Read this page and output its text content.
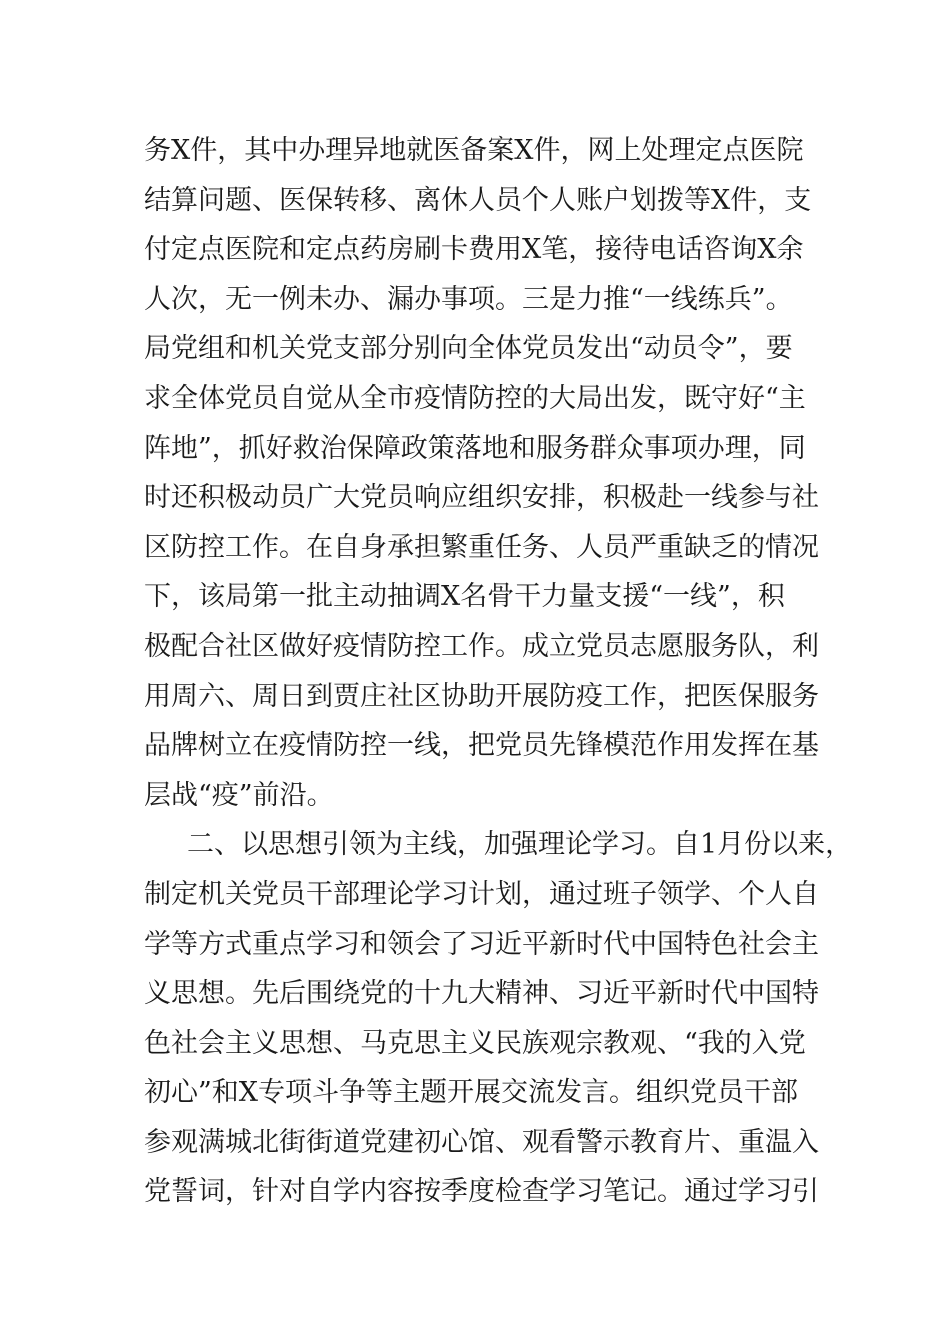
务X件，其中办理异地就医备案X件，网上处理定点医院
结算问题、医保转移、离休人员个人账户划拨等X件，支
付定点医院和定点药房刷卡费用X笔，接待电话咨询X余
人次，无一例未办、漏办事项。三是力推“一线练兵”。
局党组和机关党支部分别向全体党员发出“动员令”，要
求全体党员自觉从全市疫情防控的大局出发，既守好“主
阵地”，抓好救治保障政策落地和服务群众事项办理，同
时还积极动员广大党员响应组织安排，积极赴一线参与社
区防控工作。在自身承担繁重任务、人员严重缺乏的情况
下，该局第一批主动抽调X名骨干力量支援“一线”，积
极配合社区做好疫情防控工作。成立党员志愿服务队，利
用周六、周日到贾庄社区协助开展防疫工作，把医保服务
品牌树立在疫情防控一线，把党员先锋模范作用发挥在基
层战“疫”前沿。
二、以思想引领为主线，加强理论学习。自1月份以来，
制定机关党员干部理论学习计划，通过班子领学、个人自
学等方式重点学习和领会了习近平新时代中国特色社会主
义思想。先后围绕党的十九大精神、习近平新时代中国特
色社会主义思想、马克思主义民族观宗教观、“我的入党
初心”和X专项斗争等主题开展交流发言。组织党员干部
参观满城北街街道党建初心馆、观看警示教育片、重温入
党誓词，针对自学内容按季度检查学习笔记。通过学习引
